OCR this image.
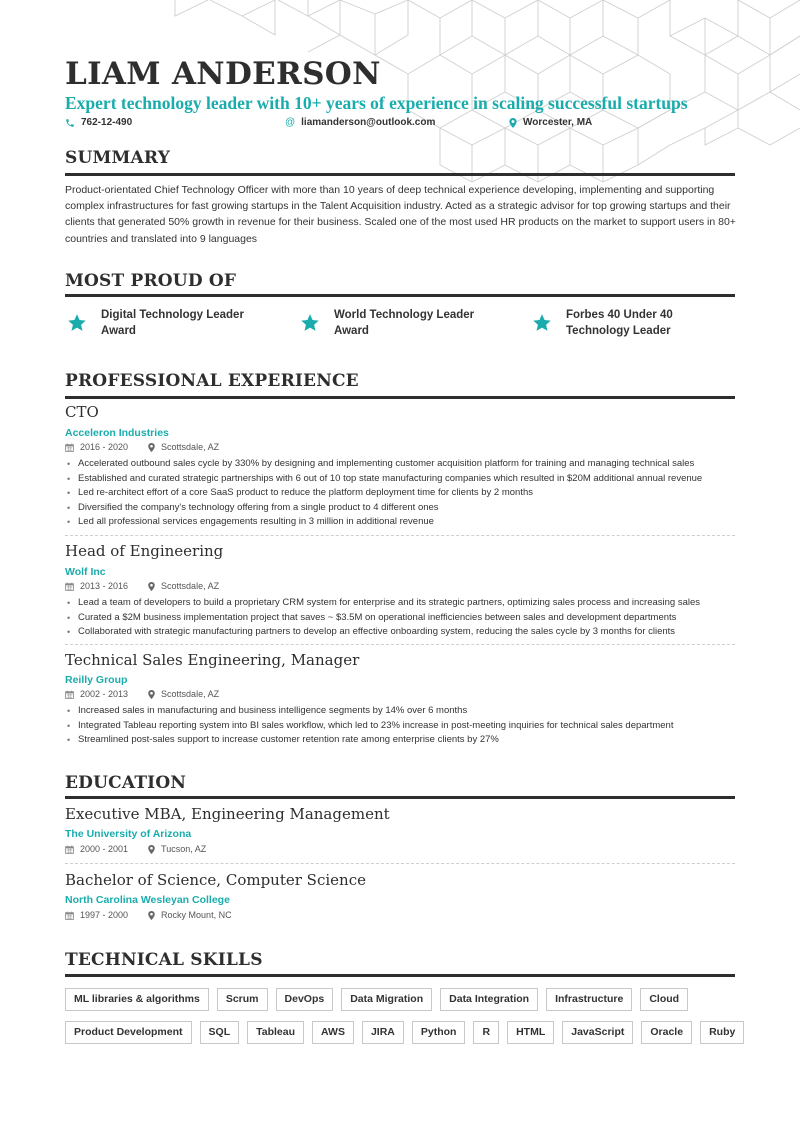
LIAM ANDERSON
Expert technology leader with 10+ years of experience in scaling successful startups
762-12-490	@ liamanderson@outlook.com	Worcester, MA
SUMMARY

Product-orientated Chief Technology Officer with more than 10 years of deep technical experience developing, implementing and supporting complex infrastructures for fast growing startups in the Talent Acquisition industry. Acted as a strategic advisor for top growing startups and their clients that generated 50% growth in revenue for their business. Scaled one of the most used HR products on the market to support users in 80+ countries and translated into 9 languages

MOST PROUD OF
Digital Technology Leader Award
World Technology Leader Award
Forbes 40 Under 40 Technology Leader
PROFESSIONAL EXPERIENCE
CTO
Acceleron Industries
2016 - 2020	Scottsdale, AZ
• Accelerated outbound sales cycle by 330% by designing and implementing customer acquisition platform for training and managing technical sales
• Established and curated strategic partnerships with 6 out of 10 top state manufacturing companies which resulted in $20M additional annual revenue
• Led re-architect effort of a core SaaS product to reduce the platform deployment time for clients by 2 months
• Diversified the company's technology offering from a single product to 4 different ones
• Led all professional services engagements resulting in 3 million in additional revenue
Head of Engineering
Wolf Inc
2013 - 2016	Scottsdale, AZ
• Lead a team of developers to build a proprietary CRM system for enterprise and its strategic partners, optimizing sales process and increasing sales
• Curated a $2M business implementation project that saves ~ $3.5M on operational inefficiencies between sales and development departments
• Collaborated with strategic manufacturing partners to develop an effective onboarding system, reducing the sales cycle by 3 months for clients
Technical Sales Engineering, Manager
Reilly Group
2002 - 2013	Scottsdale, AZ
• Increased sales in manufacturing and business intelligence segments by 14% over 6 months
• Integrated Tableau reporting system into BI sales workflow, which led to 23% increase in post-meeting inquiries for technical sales department
• Streamlined post-sales support to increase customer retention rate among enterprise clients by 27%
EDUCATION
Executive MBA, Engineering Management
The University of Arizona
2000 - 2001	Tucson, AZ
Bachelor of Science, Computer Science
North Carolina Wesleyan College
1997 - 2000	Rocky Mount, NC
TECHNICAL SKILLS
ML libraries & algorithms	Scrum	DevOps	Data Migration	Data Integration	Infrastructure	Cloud
Product Development	SQL	Tableau	AWS	JIRA	Python	R	HTML	JavaScript	Oracle	Ruby
